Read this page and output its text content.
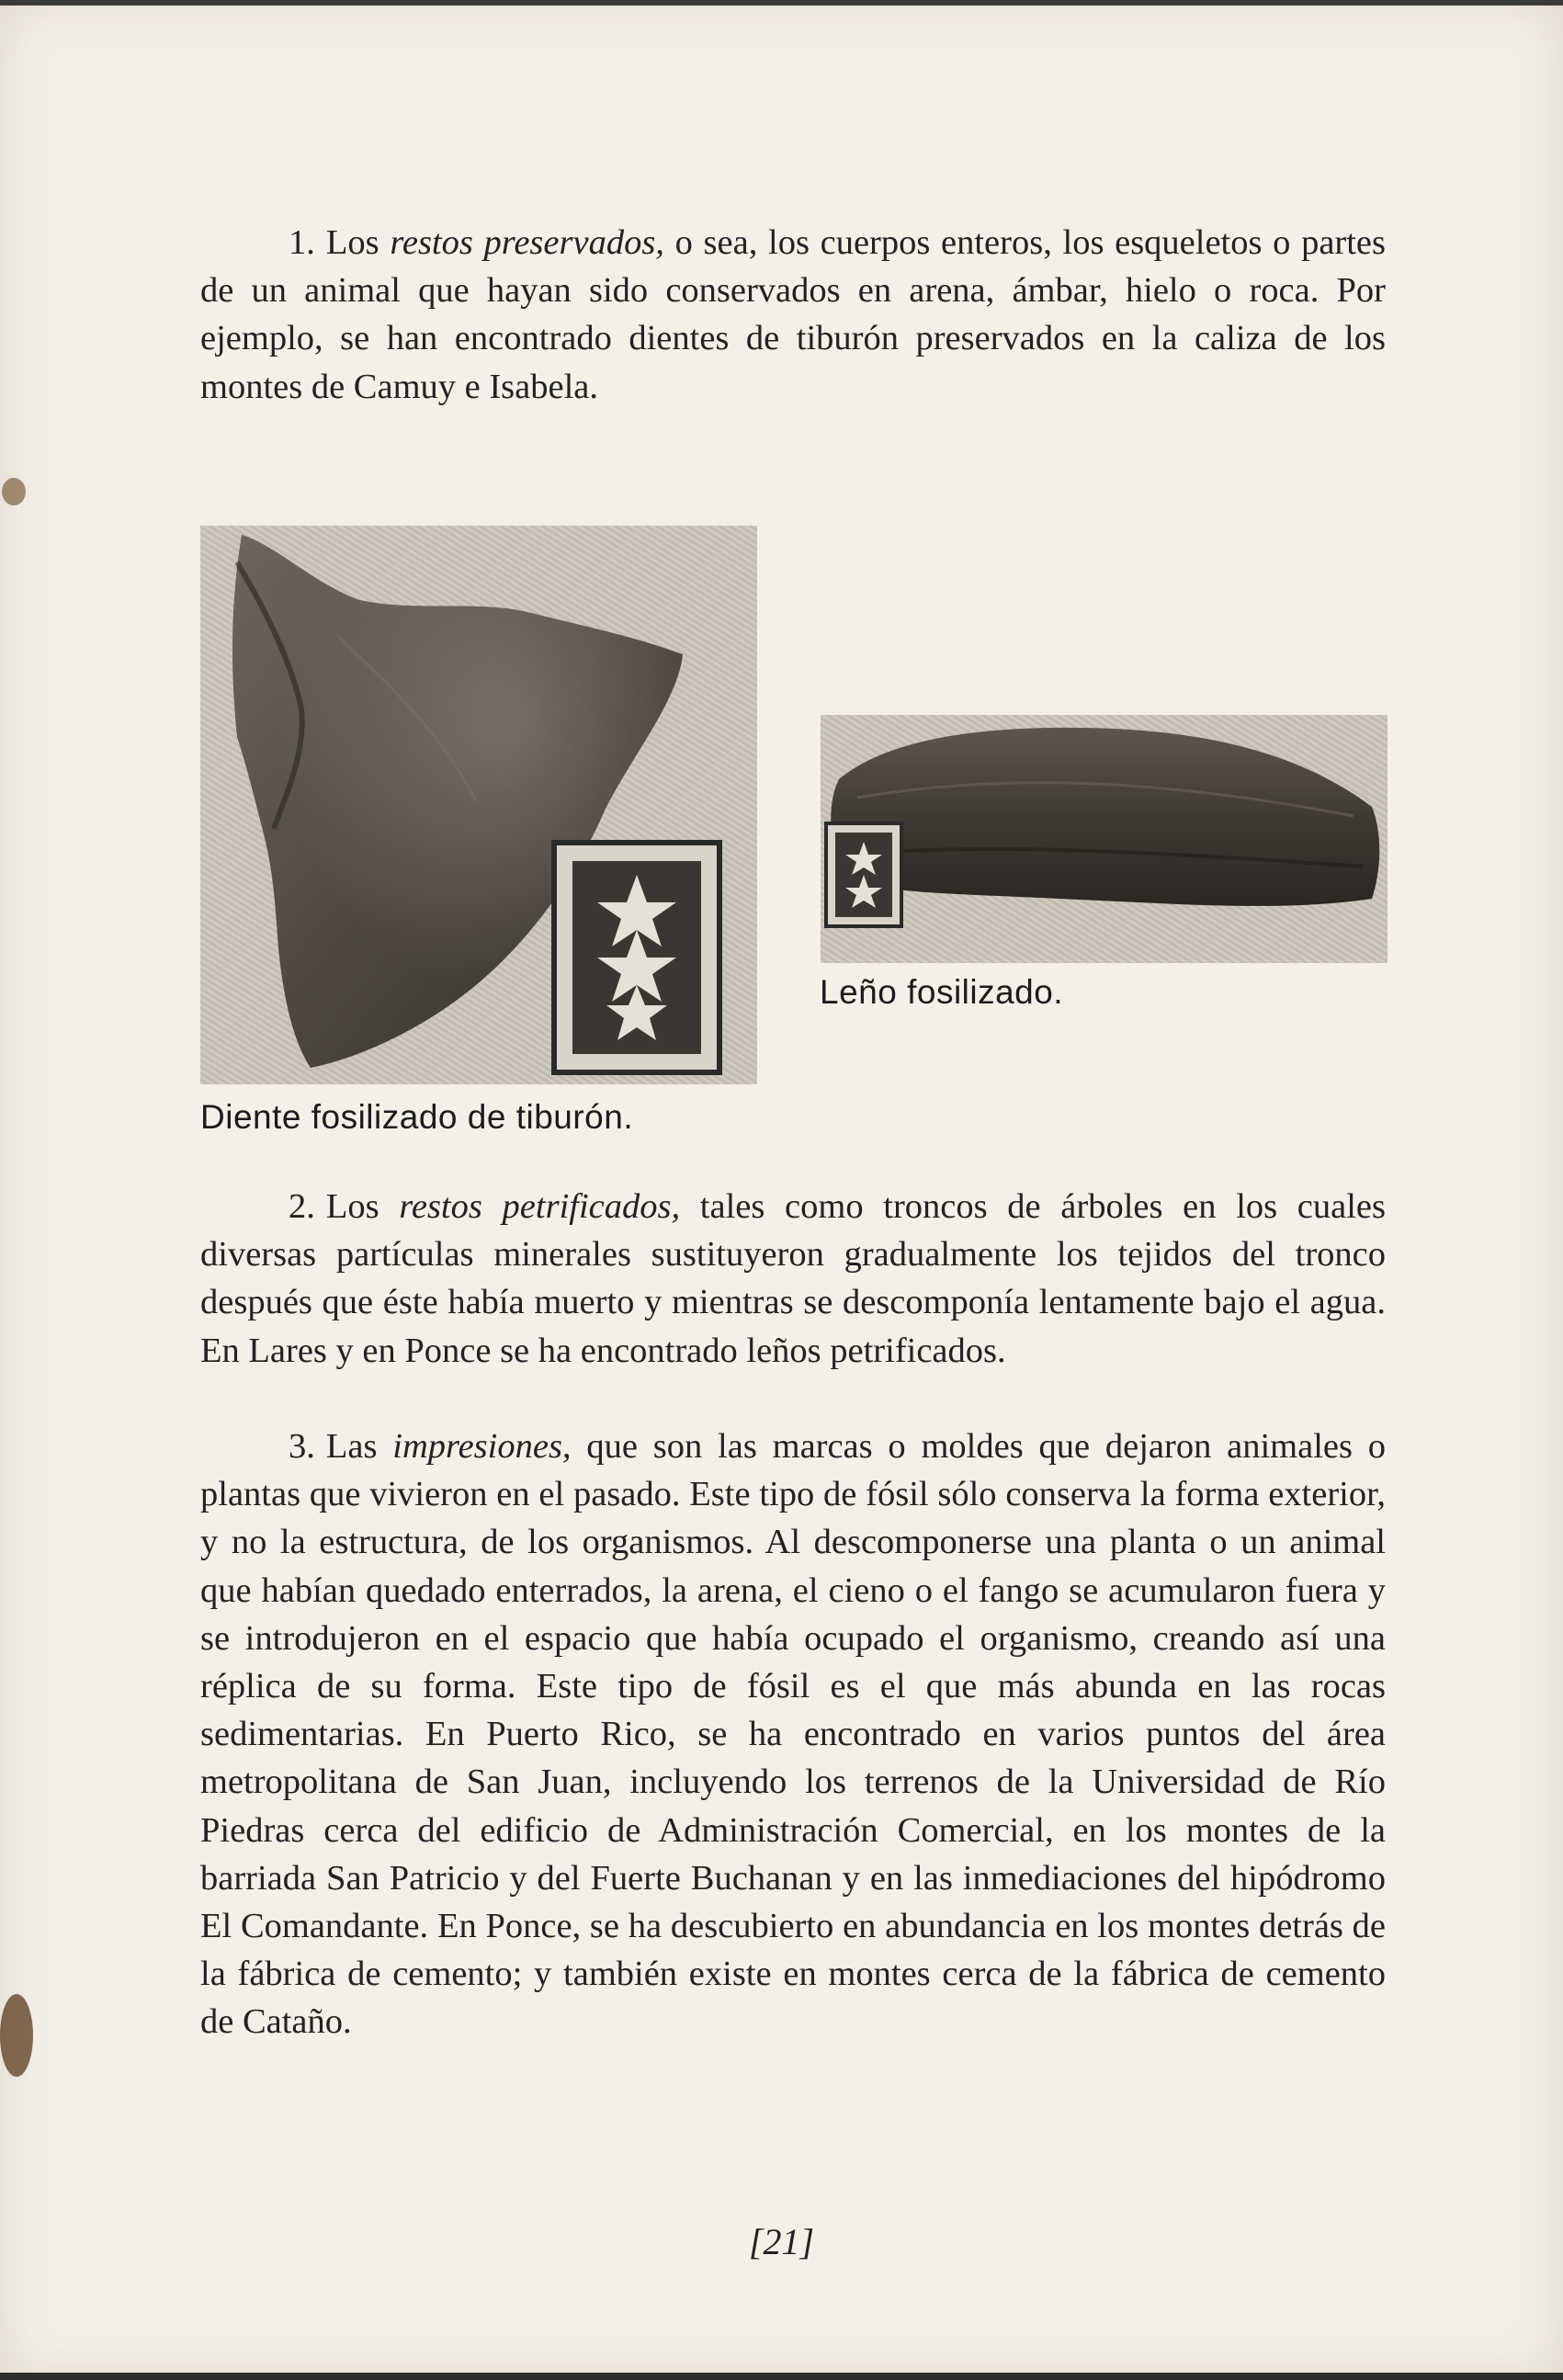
1. Los restos preservados, o sea, los cuerpos enteros, los esqueletos o partes de un animal que hayan sido conservados en arena, ámbar, hielo o roca. Por ejemplo, se han encontrado dientes de tiburón preservados en la caliza de los montes de Camuy e Isabela.

Leño fosilizado.

Diente fosilizado de tiburón.

2. Los restos petrificados, tales como troncos de árboles en los cuales diversas partículas minerales sustituyeron gradualmente los tejidos del tronco después que éste había muerto y mientras se descomponía lentamente bajo el agua. En Lares y en Ponce se ha encontrado leños petrificados.

3. Las impresiones, que son las marcas o moldes que dejaron animales o plantas que vivieron en el pasado. Este tipo de fósil sólo conserva la forma exterior, y no la estructura, de los organismos. Al descomponerse una planta o un animal que habían quedado enterrados, la arena, el cieno o el fango se acumularon fuera y se introdujeron en el espacio que había ocupado el organismo, creando así una réplica de su forma. Este tipo de fósil es el que más abunda en las rocas sedimentarias. En Puerto Rico, se ha encontrado en varios puntos del área metropolitana de San Juan, incluyendo los terrenos de la Universidad de Río Piedras cerca del edificio de Administración Comercial, en los montes de la barriada San Patricio y del Fuerte Buchanan y en las inmediaciones del hipódromo El Comandante. En Ponce, se ha descubierto en abundancia en los montes detrás de la fábrica de cemento; y también existe en montes cerca de la fábrica de cemento de Cataño.

[21]
